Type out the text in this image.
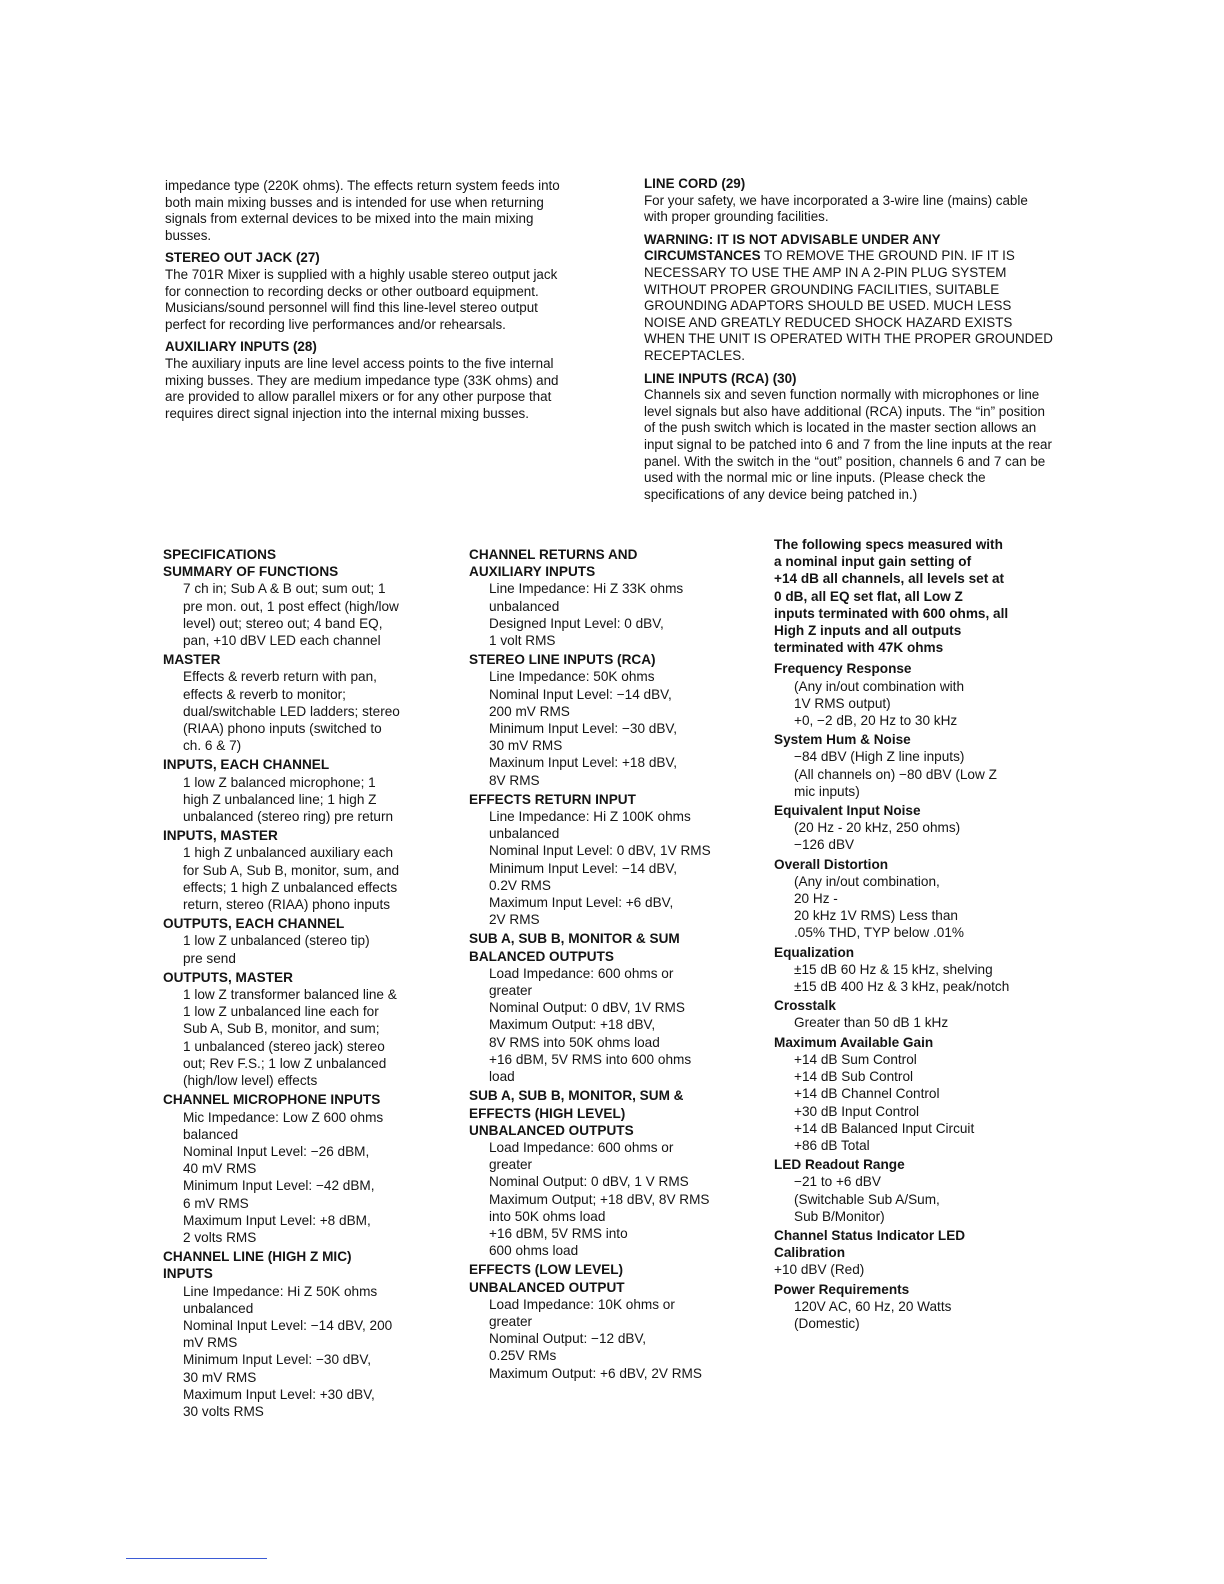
impedance type (220K ohms). The effects return system feeds into both main mixing busses and is intended for use when returning signals from external devices to be mixed into the main mixing busses.

STEREO OUT JACK (27)

The 701R Mixer is supplied with a highly usable stereo output jack for connection to recording decks or other outboard equipment. Musicians/sound personnel will find this line-level stereo output perfect for recording live performances and/or rehearsals.

AUXILIARY INPUTS (28)

The auxiliary inputs are line level access points to the five internal mixing busses. They are medium impedance type (33K ohms) and are provided to allow parallel mixers or for any other purpose that requires direct signal injection into the internal mixing busses.

LINE CORD (29)

For your safety, we have incorporated a 3-wire line (mains) cable with proper grounding facilities.

WARNING: IT IS NOT ADVISABLE UNDER ANY CIRCUMSTANCES TO REMOVE THE GROUND PIN. IF IT IS NECESSARY TO USE THE AMP IN A 2-PIN PLUG SYSTEM WITHOUT PROPER GROUNDING FACILITIES, SUITABLE GROUNDING ADAPTORS SHOULD BE USED. MUCH LESS NOISE AND GREATLY REDUCED SHOCK HAZARD EXISTS WHEN THE UNIT IS OPERATED WITH THE PROPER GROUNDED RECEPTACLES.
LINE INPUTS (RCA) (30)

Channels six and seven function normally with microphones or line level signals but also have additional (RCA) inputs. The “in” position of the push switch which is located in the master section allows an input signal to be patched into 6 and 7 from the line inputs at the rear panel. With the switch in the “out” position, channels 6 and 7 can be used with the normal mic or line inputs. (Please check the specifications of any device being patched in.)

SPECIFICATIONS
SUMMARY OF FUNCTIONS
7 ch in; Sub A & B out; sum out; 1
pre mon. out, 1 post effect (high/low
level) out; stereo out; 4 band EQ,
pan, +10 dBV LED each channel
MASTER
Effects & reverb return with pan,
effects & reverb to monitor;
dual/switchable LED ladders; stereo
(RIAA) phono inputs (switched to
ch. 6 & 7)
INPUTS, EACH CHANNEL
1 low Z balanced microphone; 1
high Z unbalanced line; 1 high Z
unbalanced (stereo ring) pre return
INPUTS, MASTER
1 high Z unbalanced auxiliary each
for Sub A, Sub B, monitor, sum, and
effects; 1 high Z unbalanced effects
return, stereo (RIAA) phono inputs
OUTPUTS, EACH CHANNEL
1 low Z unbalanced (stereo tip)
pre send
OUTPUTS, MASTER
1 low Z transformer balanced line &
1 low Z unbalanced line each for
Sub A, Sub B, monitor, and sum;
1 unbalanced (stereo jack) stereo
out; Rev F.S.; 1 low Z unbalanced
(high/low level) effects
CHANNEL MICROPHONE INPUTS
Mic Impedance: Low Z 600 ohms
balanced
Nominal Input Level: −26 dBM,
40 mV RMS
Minimum Input Level: −42 dBM,
6 mV RMS
Maximum Input Level: +8 dBM,
2 volts RMS
CHANNEL LINE (HIGH Z MIC)
INPUTS
Line Impedance: Hi Z 50K ohms
unbalanced
Nominal Input Level: −14 dBV, 200
mV RMS
Minimum Input Level: −30 dBV,
30 mV RMS
Maximum Input Level: +30 dBV,
30 volts RMS
CHANNEL RETURNS AND
AUXILIARY INPUTS
Line Impedance: Hi Z 33K ohms
unbalanced
Designed Input Level: 0 dBV,
1 volt RMS
STEREO LINE INPUTS (RCA)
Line Impedance: 50K ohms
Nominal Input Level: −14 dBV,
200 mV RMS
Minimum Input Level: −30 dBV,
30 mV RMS
Maxinum Input Level: +18 dBV,
8V RMS
EFFECTS RETURN INPUT
Line Impedance: Hi Z 100K ohms
unbalanced
Nominal Input Level: 0 dBV, 1V RMS
Minimum Input Level: −14 dBV,
0.2V RMS
Maximum Input Level: +6 dBV,
2V RMS
SUB A, SUB B, MONITOR & SUM
BALANCED OUTPUTS
Load Impedance: 600 ohms or
greater
Nominal Output: 0 dBV, 1V RMS
Maximum Output: +18 dBV,
8V RMS into 50K ohms load
+16 dBM, 5V RMS into 600 ohms
load
SUB A, SUB B, MONITOR, SUM &
EFFECTS (HIGH LEVEL)
UNBALANCED OUTPUTS
Load Impedance: 600 ohms or
greater
Nominal Output: 0 dBV, 1 V RMS
Maximum Output; +18 dBV, 8V RMS
into 50K ohms load
+16 dBM, 5V RMS into
600 ohms load
EFFECTS (LOW LEVEL)
UNBALANCED OUTPUT
Load Impedance: 10K ohms or
greater
Nominal Output: −12 dBV,
0.25V RMs
Maximum Output: +6 dBV, 2V RMS
The following specs measured with
a nominal input gain setting of
+14 dB all channels, all levels set at
0 dB, all EQ set flat, all Low Z
inputs terminated with 600 ohms, all
High Z inputs and all outputs
terminated with 47K ohms
Frequency Response
(Any in/out combination with
1V RMS output)
+0, −2 dB, 20 Hz to 30 kHz
System Hum & Noise
−84 dBV (High Z line inputs)
(All channels on) −80 dBV (Low Z
mic inputs)
Equivalent Input Noise
(20 Hz - 20 kHz, 250 ohms)
−126 dBV
Overall Distortion
(Any in/out combination,
20 Hz -
20 kHz 1V RMS) Less than
.05% THD, TYP below .01%
Equalization
±15 dB 60 Hz & 15 kHz, shelving
±15 dB 400 Hz & 3 kHz, peak/notch
Crosstalk
Greater than 50 dB 1 kHz
Maximum Available Gain
+14 dB Sum Control
+14 dB Sub Control
+14 dB Channel Control
+30 dB Input Control
+14 dB Balanced Input Circuit
+86 dB Total
LED Readout Range
−21 to +6 dBV
(Switchable Sub A/Sum,
Sub B/Monitor)
Channel Status Indicator LED
Calibration
+10 dBV (Red)
Power Requirements
120V AC, 60 Hz, 20 Watts
(Domestic)
